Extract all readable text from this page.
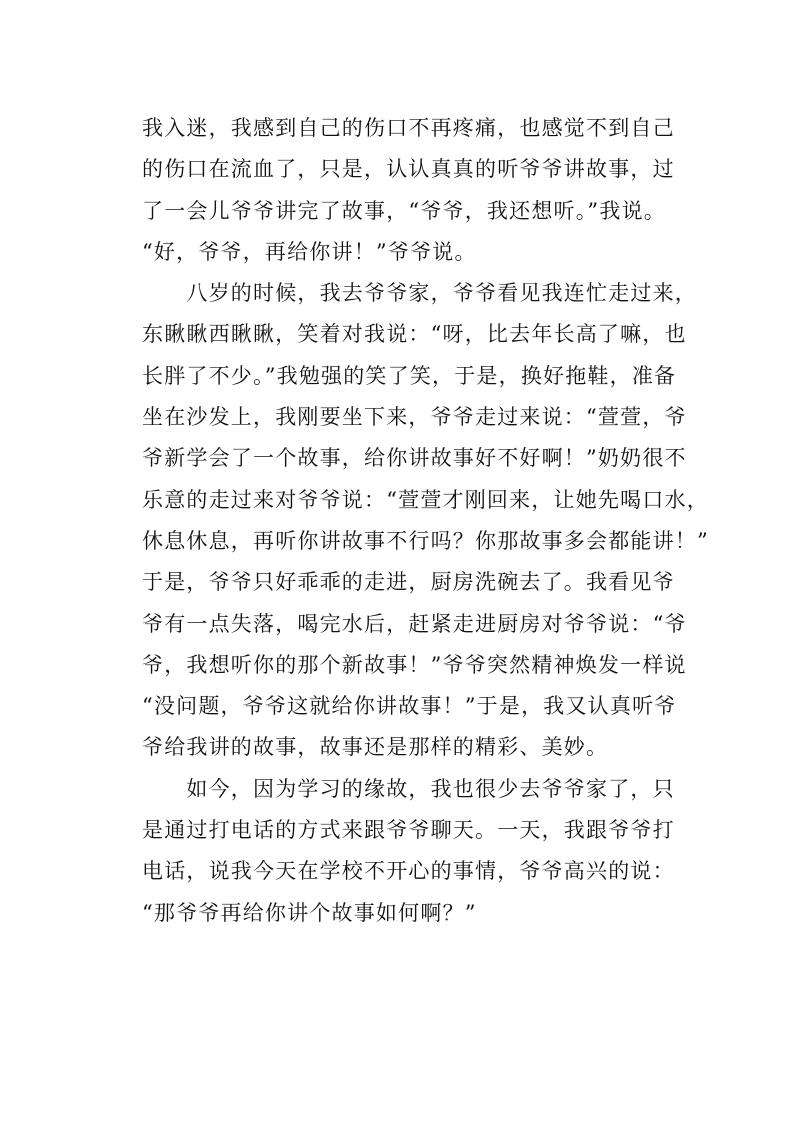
我入迷，我感到自己的伤口不再疼痛，也感觉不到自己
的伤口在流血了，只是，认认真真的听爷爷讲故事，过
了一会儿爷爷讲完了故事，“爷爷，我还想听。”我说。
“好，爷爷，再给你讲！”爷爷说。
　　八岁的时候，我去爷爷家，爷爷看见我连忙走过来，
东瞅瞅西瞅瞅，笑着对我说：“呀，比去年长高了嘛，也
长胖了不少。”我勉强的笑了笑，于是，换好拖鞋，准备
坐在沙发上，我刚要坐下来，爷爷走过来说：“萱萱，爷
爷新学会了一个故事，给你讲故事好不好啊！”奶奶很不
乐意的走过来对爷爷说：“萱萱才刚回来，让她先喝口水，
休息休息，再听你讲故事不行吗？你那故事多会都能讲！”
于是，爷爷只好乖乖的走进，厨房洗碗去了。我看见爷
爷有一点失落，喝完水后，赶紧走进厨房对爷爷说：“爷
爷，我想听你的那个新故事！”爷爷突然精神焕发一样说
“没问题，爷爷这就给你讲故事！”于是，我又认真听爷
爷给我讲的故事，故事还是那样的精彩、美妙。
　　如今，因为学习的缘故，我也很少去爷爷家了，只
是通过打电话的方式来跟爷爷聊天。一天，我跟爷爷打
电话，说我今天在学校不开心的事情，爷爷高兴的说：
“那爷爷再给你讲个故事如何啊？”
